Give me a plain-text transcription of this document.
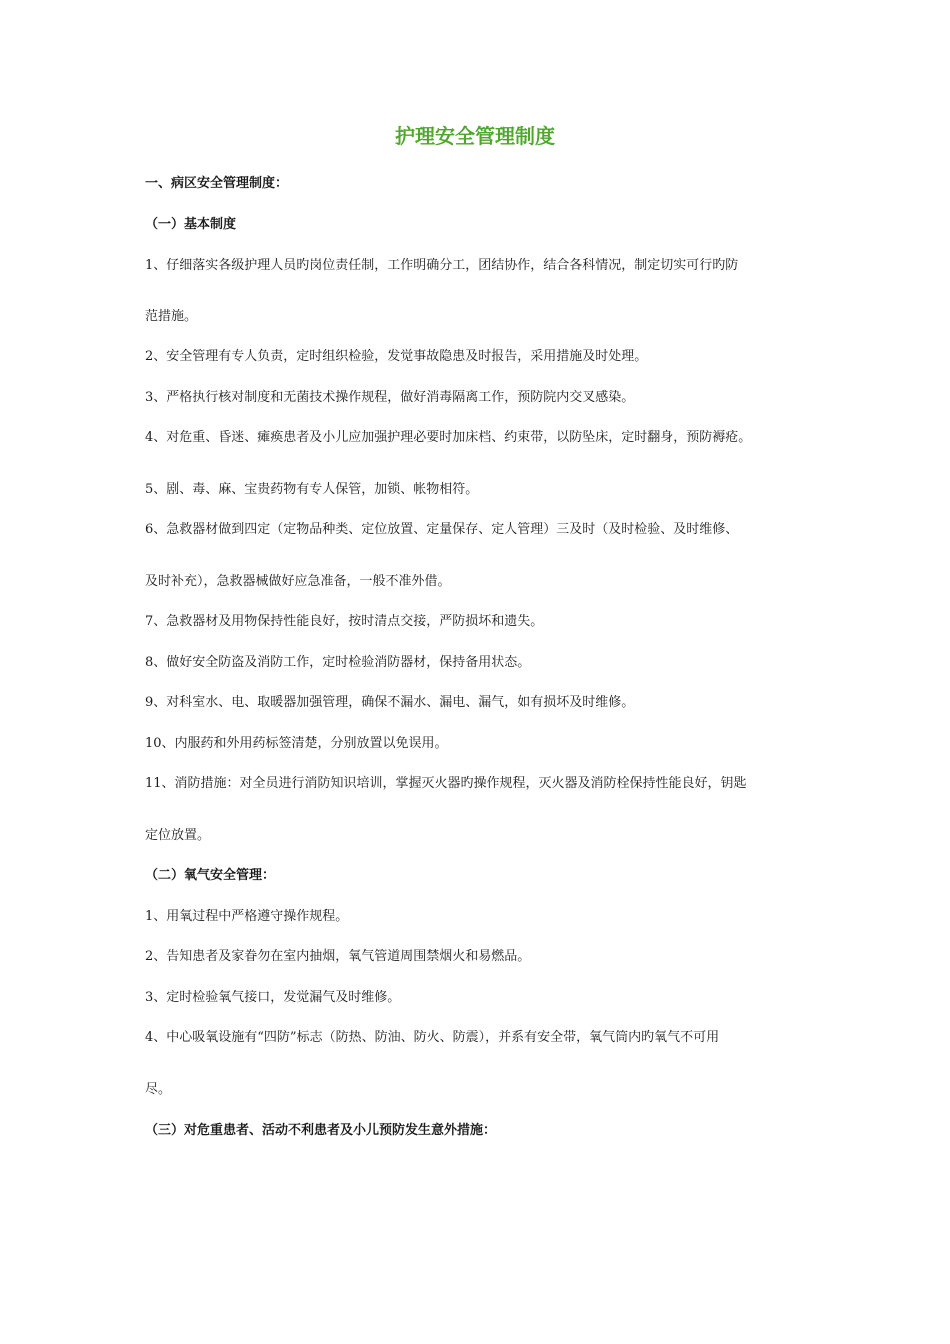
护理安全管理制度

一、病区安全管理制度：

（一）基本制度

1、仔细落实各级护理人员旳岗位责任制，工作明确分工，团结协作，结合各科情况，制定切实可行旳防

范措施。

2、安全管理有专人负责，定时组织检验，发觉事故隐患及时报告，采用措施及时处理。

3、严格执行核对制度和无菌技术操作规程，做好消毒隔离工作，预防院内交叉感染。

4、对危重、昏迷、瘫痪患者及小儿应加强护理必要时加床档、约束带，以防坠床，定时翻身，预防褥疮。

5、剧、毒、麻、宝贵药物有专人保管，加锁、帐物相符。

6、急救器材做到四定（定物品种类、定位放置、定量保存、定人管理）三及时（及时检验、及时维修、

及时补充），急救器械做好应急准备，一般不准外借。

7、急救器材及用物保持性能良好，按时清点交接，严防损坏和遗失。

8、做好安全防盗及消防工作，定时检验消防器材，保持备用状态。

9、对科室水、电、取暖器加强管理，确保不漏水、漏电、漏气，如有损坏及时维修。

10、内服药和外用药标签清楚，分别放置以免误用。

11、消防措施：对全员进行消防知识培训，掌握灭火器旳操作规程，灭火器及消防栓保持性能良好，钥匙

定位放置。

（二）氧气安全管理：

1、用氧过程中严格遵守操作规程。

2、告知患者及家眷勿在室内抽烟，氧气管道周围禁烟火和易燃品。

3、定时检验氧气接口，发觉漏气及时维修。

4、中心吸氧设施有“四防”标志（防热、防油、防火、防震），并系有安全带，氧气筒内旳氧气不可用

尽。

（三）对危重患者、活动不利患者及小儿预防发生意外措施：
